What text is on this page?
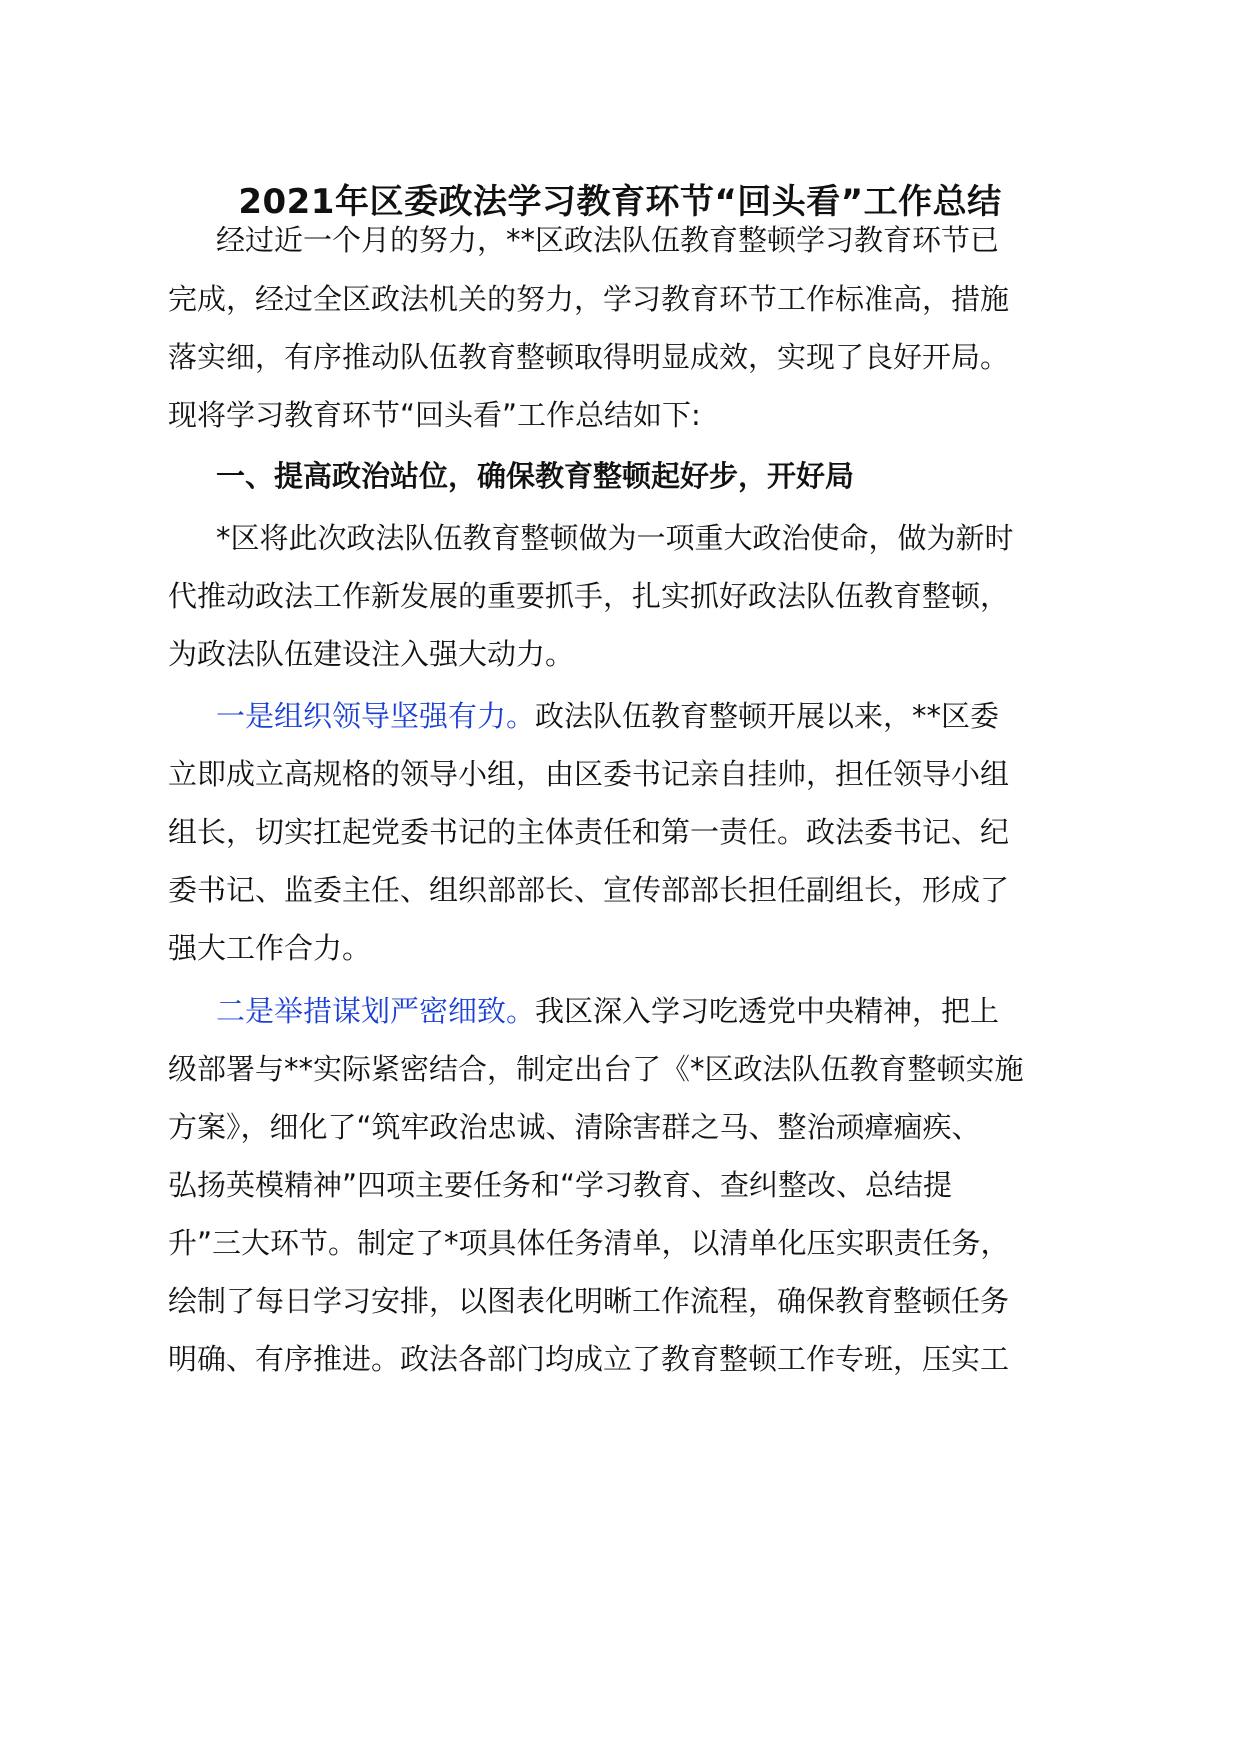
2021年区委政法学习教育环节“回头看”工作总结

经过近一个月的努力，**区政法队伍教育整顿学习教育环节已

完成，经过全区政法机关的努力，学习教育环节工作标准高，措施

落实细，有序推动队伍教育整顿取得明显成效，实现了良好开局。

现将学习教育环节“回头看”工作总结如下:

一、提高政治站位，确保教育整顿起好步，开好局

*区将此次政法队伍教育整顿做为一项重大政治使命，做为新时

代推动政法工作新发展的重要抓手，扎实抓好政法队伍教育整顿，

为政法队伍建设注入强大动力。

一是组织领导坚强有力。政法队伍教育整顿开展以来，**区委

立即成立高规格的领导小组，由区委书记亲自挂帅，担任领导小组

组长，切实扛起党委书记的主体责任和第一责任。政法委书记、纪

委书记、监委主任、组织部部长、宣传部部长担任副组长，形成了

强大工作合力。

二是举措谋划严密细致。我区深入学习吃透党中央精神，把上

级部署与**实际紧密结合，制定出台了《*区政法队伍教育整顿实施

方案》，细化了“筑牢政治忠诚、清除害群之马、整治顽瘴痼疾、

弘扬英模精神”四项主要任务和“学习教育、查纠整改、总结提

升”三大环节。制定了*项具体任务清单，以清单化压实职责任务，

绘制了每日学习安排，以图表化明晰工作流程，确保教育整顿任务

明确、有序推进。政法各部门均成立了教育整顿工作专班，压实工
